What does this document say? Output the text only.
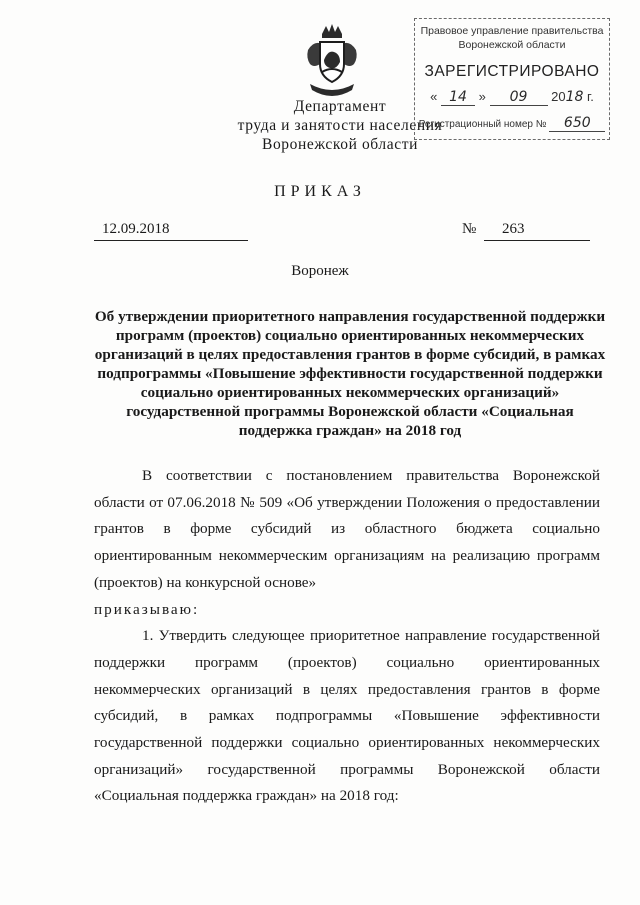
Департамент
труда и занятости населения
Воронежской области
Правовое управление правительства
Воронежской области
ЗАРЕГИСТРИРОВАНО
« 14 » 09 2018 г.
Регистрационный номер № 650
ПРИКАЗ
12.09.2018	№	263
Воронеж
Об утверждении приоритетного направления государственной поддержки программ (проектов) социально ориентированных некоммерческих организаций в целях предоставления грантов в форме субсидий, в рамках подпрограммы «Повышение эффективности государственной поддержки социально ориентированных некоммерческих организаций» государственной программы Воронежской области «Социальная поддержка граждан» на 2018 год

В соответствии с постановлением правительства Воронежской области от 07.06.2018 № 509 «Об утверждении Положения о предоставлении грантов в форме субсидий из областного бюджета социально ориентированным некоммерческим организациям на реализацию программ (проектов) на конкурсной основе»

приказываю:

1. Утвердить следующее приоритетное направление государственной поддержки программ (проектов) социально ориентированных некоммерческих организаций в целях предоставления грантов в форме субсидий, в рамках подпрограммы «Повышение эффективности государственной поддержки социально ориентированных некоммерческих организаций» государственной программы Воронежской области «Социальная поддержка граждан» на 2018 год:
